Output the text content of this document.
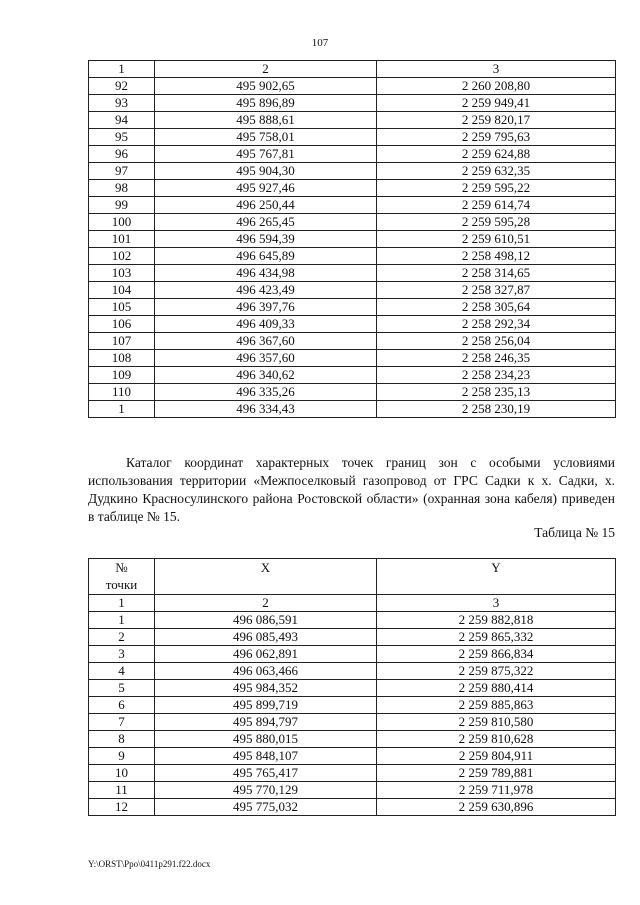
107
1	2	3
92	495 902,65	2 260 208,80
93	495 896,89	2 259 949,41
94	495 888,61	2 259 820,17
95	495 758,01	2 259 795,63
96	495 767,81	2 259 624,88
97	495 904,30	2 259 632,35
98	495 927,46	2 259 595,22
99	496 250,44	2 259 614,74
100	496 265,45	2 259 595,28
101	496 594,39	2 259 610,51
102	496 645,89	2 258 498,12
103	496 434,98	2 258 314,65
104	496 423,49	2 258 327,87
105	496 397,76	2 258 305,64
106	496 409,33	2 258 292,34
107	496 367,60	2 258 256,04
108	496 357,60	2 258 246,35
109	496 340,62	2 258 234,23
110	496 335,26	2 258 235,13
1	496 334,43	2 258 230,19

Каталог координат характерных точек границ зон с особыми условиями использования территории «Межпоселковый газопровод от ГРС Садки к х. Садки, х. Дудкино Красносулинского района Ростовской области» (охранная зона кабеля) приведен в таблице № 15.

Таблица № 15
№
точки	X	Y
1	2	3
1	496 086,591	2 259 882,818
2	496 085,493	2 259 865,332
3	496 062,891	2 259 866,834
4	496 063,466	2 259 875,322
5	495 984,352	2 259 880,414
6	495 899,719	2 259 885,863
7	495 894,797	2 259 810,580
8	495 880,015	2 259 810,628
9	495 848,107	2 259 804,911
10	495 765,417	2 259 789,881
11	495 770,129	2 259 711,978
12	495 775,032	2 259 630,896
Y:\ORST\Ppo\0411p291.f22.docx
